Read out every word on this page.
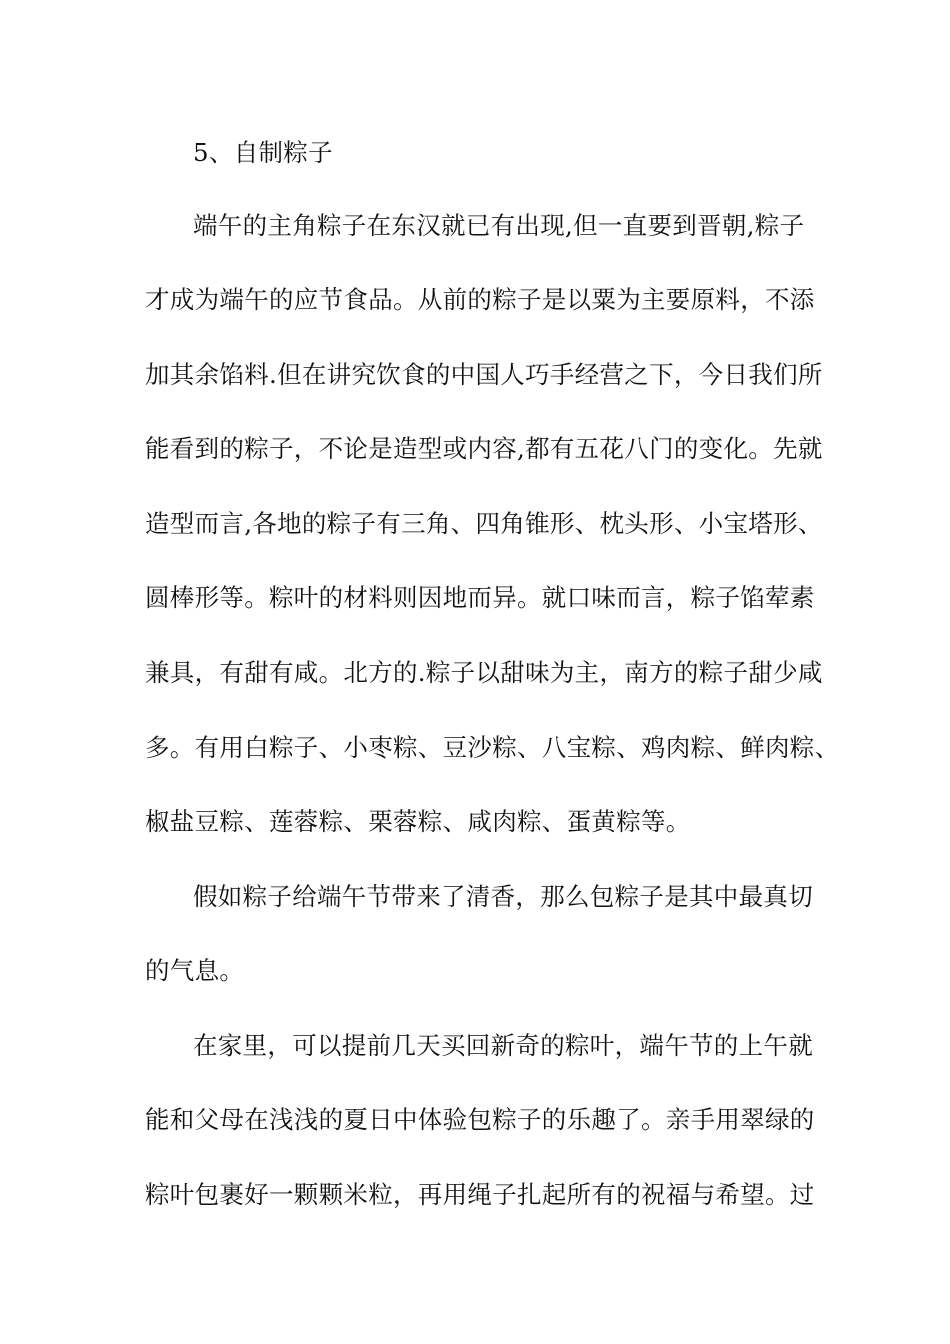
5、自制粽子
端午的主角粽子在东汉就已有出现,但一直要到晋朝,粽子
才成为端午的应节食品。从前的粽子是以粟为主要原料，不添
加其余馅料.但在讲究饮食的中国人巧手经营之下，今日我们所
能看到的粽子，不论是造型或内容,都有五花八门的变化。先就
造型而言,各地的粽子有三角、四角锥形、枕头形、小宝塔形、
圆棒形等。粽叶的材料则因地而异。就口味而言，粽子馅荤素
兼具，有甜有咸。北方的.粽子以甜味为主，南方的粽子甜少咸
多。有用白粽子、小枣粽、豆沙粽、八宝粽、鸡肉粽、鲜肉粽、
椒盐豆粽、莲蓉粽、栗蓉粽、咸肉粽、蛋黄粽等。
假如粽子给端午节带来了清香，那么包粽子是其中最真切
的气息。
在家里，可以提前几天买回新奇的粽叶，端午节的上午就
能和父母在浅浅的夏日中体验包粽子的乐趣了。亲手用翠绿的
粽叶包裹好一颗颗米粒，再用绳子扎起所有的祝福与希望。过
